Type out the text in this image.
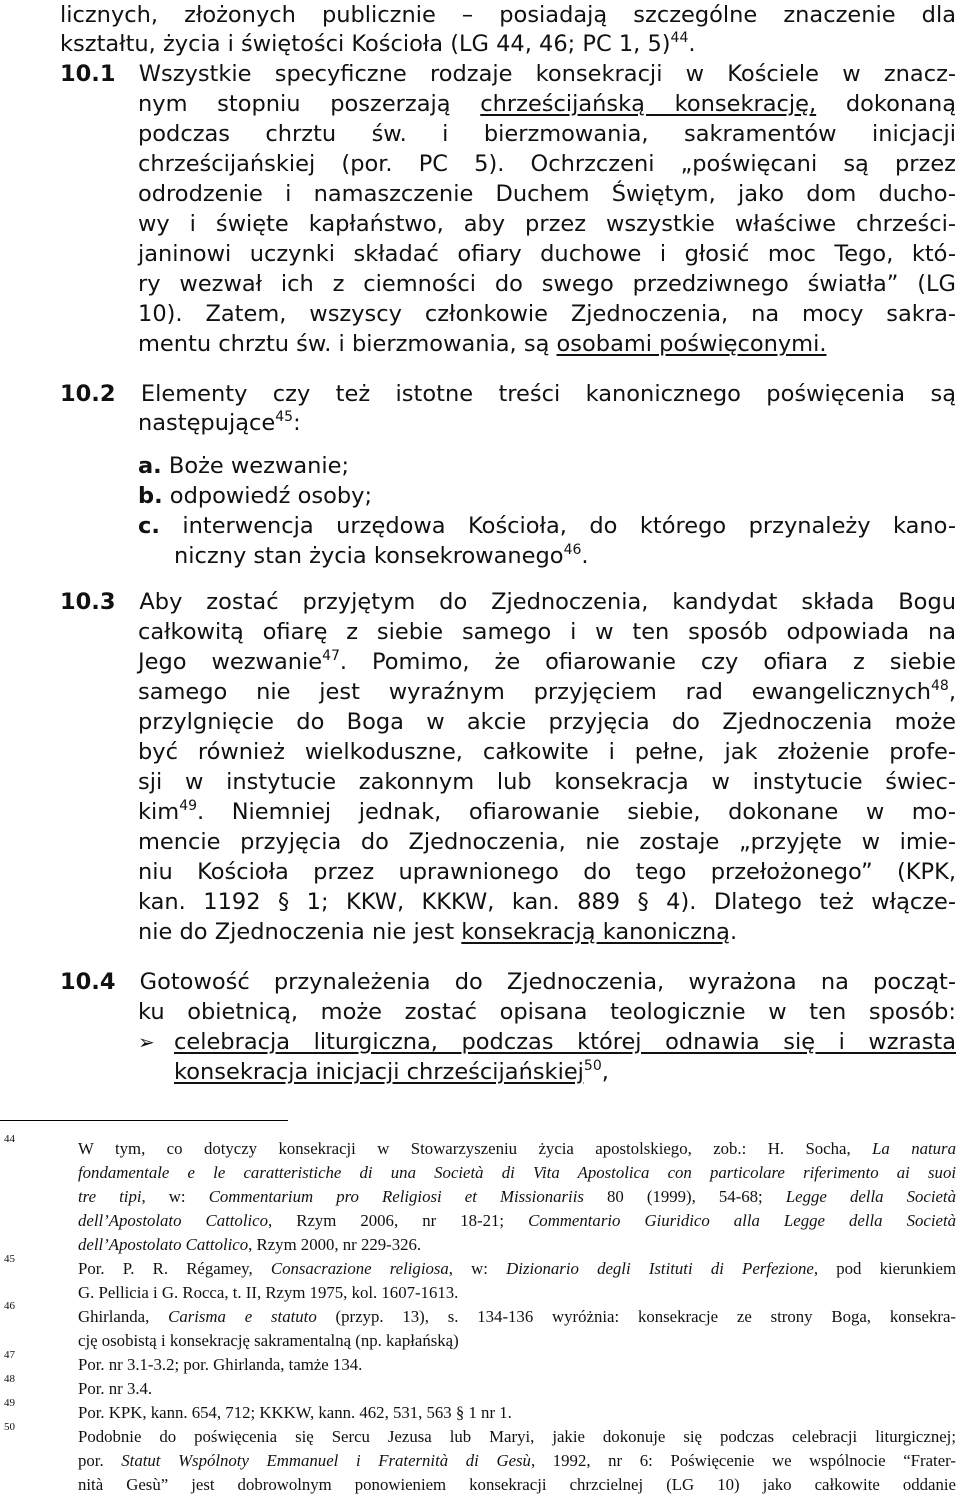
licznych, złożonych publicznie – posiadają szczególne znaczenie dla
kształtu, życia i świętości Kościoła (LG 44, 46; PC 1, 5)$^{44}$.
10.1 Wszystkie specyficzne rodzaje konsekracji w Kościele w znacz-
nym stopniu poszerzają chrześcijańską konsekrację, dokonaną
podczas chrztu św. i bierzmowania, sakramentów inicjacji
chrześcijańskiej (por. PC 5). Ochrzczeni „poświęcani są przez
odrodzenie i namaszczenie Duchem Świętym, jako dom ducho-
wy i święte kapłaństwo, aby przez wszystkie właściwe chrześci-
janinowi uczynki składać ofiary duchowe i głosić moc Tego, któ-
ry wezwał ich z ciemności do swego przedziwnego światła” (LG
10). Zatem, wszyscy członkowie Zjednoczenia, na mocy sakra-
mentu chrztu św. i bierzmowania, są osobami poświęconymi.
10.2 Elementy czy też istotne treści kanonicznego poświęcenia są
następujące$^{45}$:
a. Boże wezwanie;
b. odpowiedź osoby;
c. interwencja urzędowa Kościoła, do którego przynależy kano-
niczny stan życia konsekrowanego$^{46}$.
10.3 Aby zostać przyjętym do Zjednoczenia, kandydat składa Bogu
całkowitą ofiarę z siebie samego i w ten sposób odpowiada na
Jego wezwanie$^{47}$. Pomimo, że ofiarowanie czy ofiara z siebie
samego nie jest wyraźnym przyjęciem rad ewangelicznych$^{48}$,
przylgnięcie do Boga w akcie przyjęcia do Zjednoczenia może
być również wielkoduszne, całkowite i pełne, jak złożenie profe-
sji w instytucie zakonnym lub konsekracja w instytucie świec-
kim$^{49}$. Niemniej jednak, ofiarowanie siebie, dokonane w mo-
mencie przyjęcia do Zjednoczenia, nie zostaje „przyjęte w imie-
niu Kościoła przez uprawnionego do tego przełożonego” (KPK,
kan. 1192 § 1; KKW, KKKW, kan. 889 § 4). Dlatego też włącze-
nie do Zjednoczenia nie jest konsekracją kanoniczną.
10.4 Gotowość przynależenia do Zjednoczenia, wyrażona na począt-
ku obietnicą, może zostać opisana teologicznie w ten sposób:
celebracja liturgiczna, podczas której odnawia się i wzrasta
konsekracja inicjacji chrześcijańskiej$^{50}$,
➢
44
45
46
47
48
49
50
W tym, co dotyczy konsekracji w Stowarzyszeniu życia apostolskiego, zob.: H. Socha, La natura
fondamentale e le caratteristiche di una Società di Vita Apostolica con particolare riferimento ai suoi
tre tipi, w: Commentarium pro Religiosi et Missionariis 80 (1999), 54-68; Legge della Società
dell’Apostolato Cattolico, Rzym 2006, nr 18-21; Commentario Giuridico alla Legge della Società
dell’Apostolato Cattolico, Rzym 2000, nr 229-326.
Por. P. R. Régamey, Consacrazione religiosa, w: Dizionario degli Istituti di Perfezione, pod kierunkiem
G. Pellicia i G. Rocca, t. II, Rzym 1975, kol. 1607-1613.
Ghirlanda, Carisma e statuto (przyp. 13), s. 134-136 wyróżnia: konsekracje ze strony Boga, konsekra-
cję osobistą i konsekrację sakramentalną (np. kapłańską)
Por. nr 3.1-3.2; por. Ghirlanda, tamże 134.
Por. nr 3.4.
Por. KPK, kann. 654, 712; KKKW, kann. 462, 531, 563 § 1 nr 1.
Podobnie do poświęcenia się Sercu Jezusa lub Maryi, jakie dokonuje się podczas celebracji liturgicznej;
por. Statut Wspólnoty Emmanuel i Fraternità di Gesù, 1992, nr 6: Poświęcenie we wspólnocie “Frater-
nità Gesù” jest dobrowolnym ponowieniem konsekracji chrzcielnej (LG 10) jako całkowite oddanie
